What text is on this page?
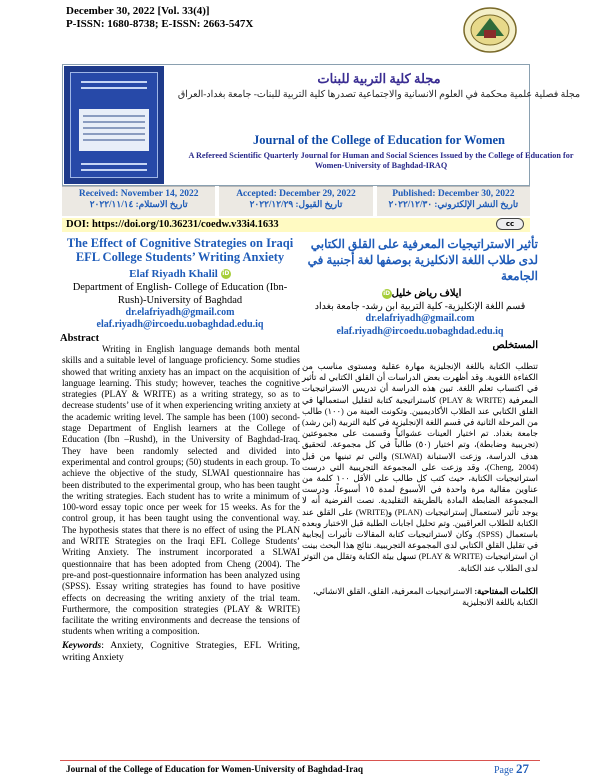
December 30, 2022 [Vol. 33(4)]
P-ISSN: 1680-8738; E-ISSN: 2663-547X
مجلة كلية التربية للبنات
مجلة فصلية علمية محكمة في العلوم الانسانية والاجتماعية تصدرها كلية التربية للبنات- جامعة بغداد-العراق
Journal of the College of Education for Women
A Refereed Scientific Quarterly Journal for Human and Social Sciences Issued by the College of Education for Women-University of Baghdad-IRAQ
Received: November 14, 2022
تاريخ الاستلام: ٢٠٢٢/١١/١٤
Accepted: December 29, 2022
تاريخ القبول: ٢٠٢٢/١٢/٢٩
Published: December 30, 2022
تاريخ النشر الإلكتروني: ٢٠٢٢/١٢/٣٠
DOI: https://doi.org/10.36231/coedw.v33i4.1633	cc
The Effect of Cognitive Strategies on Iraqi EFL College Students’ Writing Anxiety
Elaf Riyadh Khalil iD
Department of English- College of Education (Ibn-Rush)-University of Baghdad
dr.elafriyadh@gmail.com
elaf.riyadh@ircoedu.uobaghdad.edu.iq
Abstract
Writing in English language demands both mental skills and a suitable level of language proficiency. Some studies showed that writing anxiety has an impact on the acquisition of language learning. This study; however, teaches the cognitive strategies (PLAY & WRITE) as a writing strategy, so as to decrease students’ use of it when experiencing writing anxiety at the academic writing level. The sample has been (100) second-stage Department of English learners at the College of Education (Ibn –Rushd), in the University of Baghdad-Iraq. They have been randomly selected and divided into experimental and control groups; (50) students in each group. To achieve the objective of the study, SLWAI questionnaire has been distributed to the experimental group, who has been taught the writing strategies. Each student has to write a minimum of 100-word essay topic once per week for 15 weeks. As for the control group, it has been taught using the conventional way. The hypothesis states that there is no effect of using the PLAN and WRITE Strategies on the Iraqi EFL College Students’ Writing Anxiety. The instrument incorporated a SLWAI questionnaire that has been adopted from Cheng (2004). The pre-and post-questionnaire information has been analyzed using (SPSS). Essay writing strategies has found to have positive effects on decreasing the writing anxiety of the trial team. Furthermore, the composition strategies (PLAY & WRITE) facilitate the writing environments and decrease the tensions of students when writing a composition.
Keywords: Anxiety, Cognitive Strategies, EFL Writing, writing Anxiety
تأثير الاستراتيجيات المعرفية على القلق الكتابي لدى طلاب اللغة الانكليزية بوصفها لغة أجنبية في الجامعة
ايلاف رياض خليلiD
قسم اللغة الإنكليزية- كلية التربية ابن رشد- جامعة بغداد
dr.elafriyadh@gmail.com
elaf.riyadh@ircoedu.uobaghdad.edu.iq
المستخلص
تتطلب الكتابة باللغة الإنجليزية مهارة عقلية ومستوى مناسب من الكفاءة اللغوية. وقد أظهرت بعض الدراسات أن القلق الكتابي له تأثير في اكتساب تعلم اللغة. تبين هذه الدراسة أن تدريس الاستراتيجيات المعرفية (PLAY & WRITE) كاستراتيجية كتابة لتقليل استعمالها في القلق الكتابي عند الطلاب الأكاديميين. وتكونت العينة من (١٠٠) طالب من المرحلة الثانية في قسم اللغة الإنجليزية في كلية التربية (ابن رشد) جامعة بغداد. تم اختيار العينات عشوائياً وقسمت على مجموعتين (تجريبية وضابطة)، وتم اختيار (٥٠) طالباً في كل مجموعة. لتحقيق هدف الدراسة، وزعت الاستبانة (SLWAI) والتي تم تبنيها من قبل (Cheng, 2004)، وقد وزعت على المجموعة التجريبية التي درست استراتيجيات الكتابة، حيث كتب كل طالب على الأقل ١٠٠ كلمة من عناوين مقالية مرة واحدة في الأسبوع لمدة ١٥ أسبوعاً، ودرست المجموعة الضابطة المادة بالطريقة التقليدية. نصت الفرضية أنه لا يوجد تأثير لاستعمال إستراتيجيات (PLAN) و(WRITE) على القلق عند الكتابة للطلاب العراقيين. وتم تحليل اجابات الطلبة قبل الاختبار وبعده باستعمال (SPSS). وكان لاستراتيجيات كتابة المقالات تأثيرات إيجابية في تقليل القلق الكتابي لدى المجموعة التجريبية. نتائج هذا البحث بينت ان استراتيجيات (PLAY & WRITE) تسهل بيئة الكتابة وتقلل من التوتر لدى الطلاب عند الكتابة.
الكلمات المفتاحية: الاستراتيجيات المعرفية، القلق، القلق الانشائي، الكتابة باللغة الانجليزية
Journal of the College of Education for Women-University of Baghdad-Iraq	Page 27
